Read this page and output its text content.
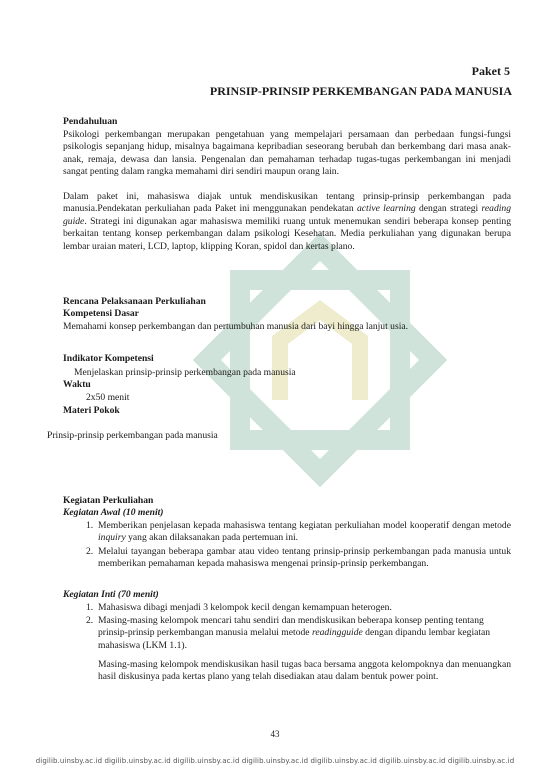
Paket 5
PRINSIP-PRINSIP PERKEMBANGAN PADA MANUSIA
Pendahuluan
Psikologi perkembangan merupakan pengetahuan yang mempelajari persamaan dan perbedaan fungsi-fungsi psikologis sepanjang hidup, misalnya bagaimana kepribadian seseorang berubah dan berkembang dari masa anak-anak, remaja, dewasa dan lansia. Pengenalan dan pemahaman terhadap tugas-tugas perkembangan ini menjadi sangat penting dalam rangka memahami diri sendiri maupun orang lain.
Dalam paket ini, mahasiswa diajak untuk mendiskusikan tentang prinsip-prinsip perkembangan pada manusia.Pendekatan perkuliahan pada Paket ini menggunakan pendekatan active learning dengan strategi reading guide. Strategi ini digunakan agar mahasiswa memiliki ruang untuk menemukan sendiri beberapa konsep penting berkaitan tentang konsep perkembangan dalam psikologi Kesehatan. Media perkuliahan yang digunakan berupa lembar uraian materi, LCD, laptop, klipping Koran, spidol dan kertas plano.
Rencana Pelaksanaan Perkuliahan
Kompetensi Dasar
Memahami konsep perkembangan dan pertumbuhan manusia dari bayi hingga lanjut usia.
Indikator Kompetensi
Menjelaskan prinsip-prinsip perkembangan pada manusia
Waktu
2x50 menit
Materi Pokok
Prinsip-prinsip perkembangan pada manusia
Kegiatan Perkuliahan
Kegiatan Awal (10 menit)
1. Memberikan penjelasan kepada mahasiswa tentang kegiatan perkuliahan model kooperatif dengan metode inquiry yang akan dilaksanakan pada pertemuan ini.
2. Melalui tayangan beberapa gambar atau video tentang prinsip-prinsip perkembangan pada manusia untuk memberikan pemahaman kepada mahasiswa mengenai prinsip-prinsip perkembangan.
Kegiatan Inti (70 menit)
1. Mahasiswa dibagi menjadi 3 kelompok kecil dengan kemampuan heterogen.
2. Masing-masing kelompok mencari tahu sendiri dan mendiskusikan beberapa konsep penting tentang prinsip-prinsip perkembangan manusia melalui metode readingguide dengan dipandu lembar kegiatan mahasiswa (LKM 1.1).
Masing-masing kelompok mendiskusikan hasil tugas baca bersama anggota kelompoknya dan menuangkan hasil diskusinya pada kertas plano yang telah disediakan atau dalam bentuk power point.
43
digilib.uinsby.ac.id digilib.uinsby.ac.id digilib.uinsby.ac.id digilib.uinsby.ac.id digilib.uinsby.ac.id digilib.uinsby.ac.id digilib.uinsby.ac.id
